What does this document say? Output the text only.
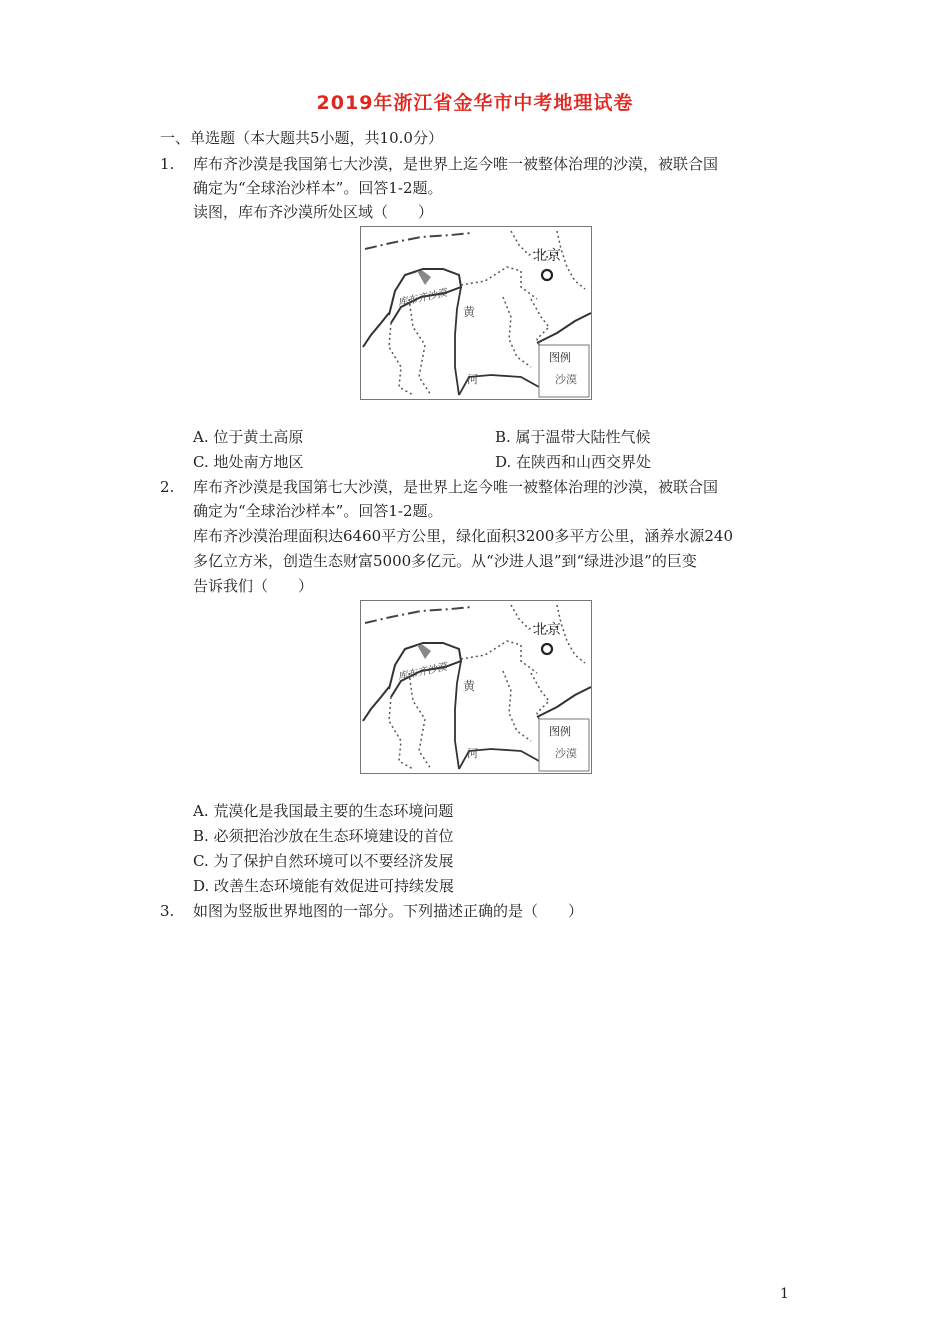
2019年浙江省金华市中考地理试卷
一、单选题（本大题共5小题，共10.0分）
1. 库布齐沙漠是我国第七大沙漠，是世界上迄今唯一被整体治理的沙漠，被联合国
确定为“全球治沙样本”。回答1-2题。
读图，库布齐沙漠所处区域（　　）
北京
库布齐沙漠
黄
河
图例
沙漠
A. 位于黄土高原	B. 属于温带大陆性气候
C. 地处南方地区	D. 在陕西和山西交界处
2. 库布齐沙漠是我国第七大沙漠，是世界上迄今唯一被整体治理的沙漠，被联合国
确定为“全球治沙样本”。回答1-2题。
库布齐沙漠治理面积达6460平方公里，绿化面积3200多平方公里，涵养水源240
多亿立方米，创造生态财富5000多亿元。从“沙进人退”到“绿进沙退”的巨变
告诉我们（　　）
北京
库布齐沙漠
黄
河
图例
沙漠
A. 荒漠化是我国最主要的生态环境问题
B. 必须把治沙放在生态环境建设的首位
C. 为了保护自然环境可以不要经济发展
D. 改善生态环境能有效促进可持续发展
3. 如图为竖版世界地图的一部分。下列描述正确的是（　　）
1
